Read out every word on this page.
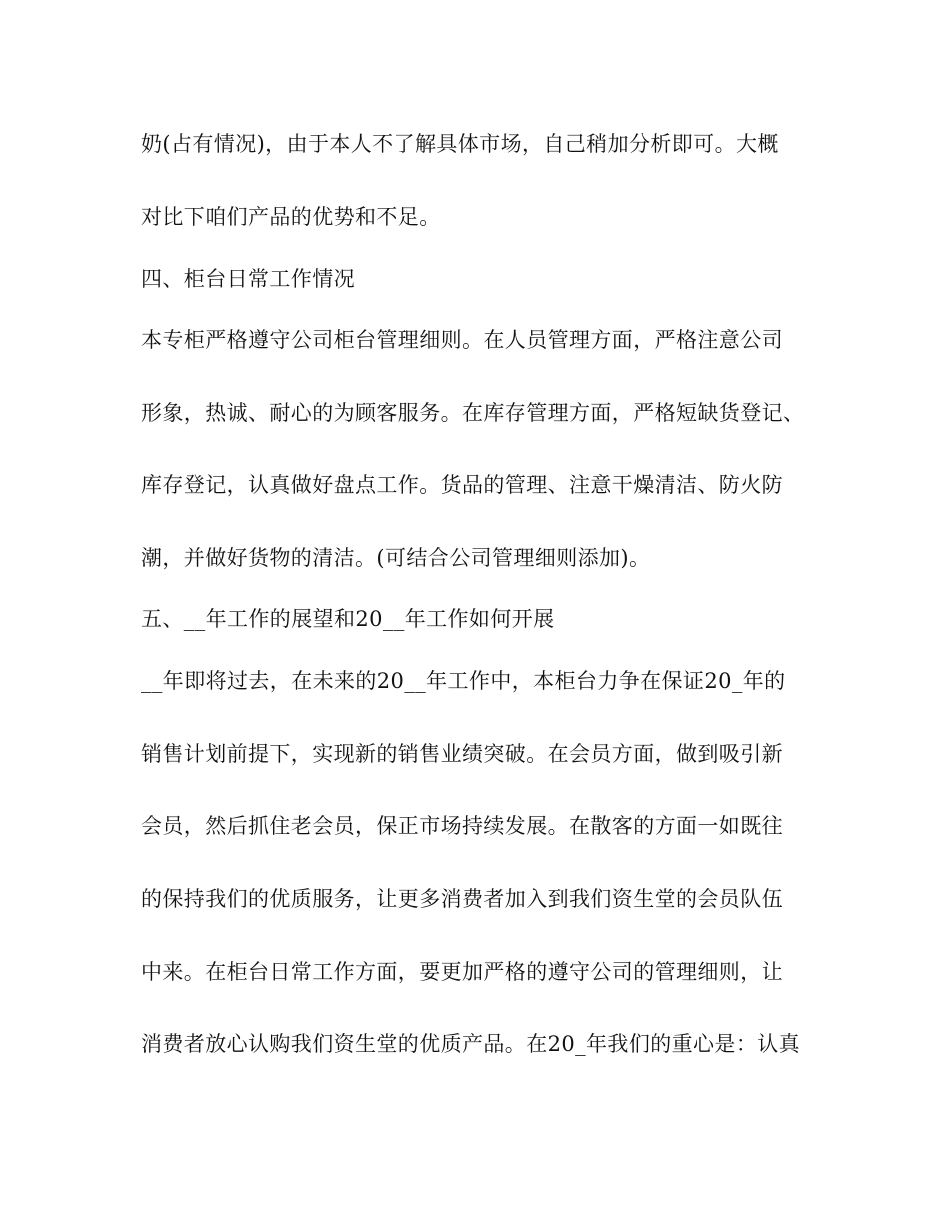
奶(占有情况)，由于本人不了解具体市场，自己稍加分析即可。大概
对比下咱们产品的优势和不足。
四、柜台日常工作情况
本专柜严格遵守公司柜台管理细则。在人员管理方面，严格注意公司
形象，热诚、耐心的为顾客服务。在库存管理方面，严格短缺货登记、
库存登记，认真做好盘点工作。货品的管理、注意干燥清洁、防火防
潮，并做好货物的清洁。(可结合公司管理细则添加)。
五、__年工作的展望和20__年工作如何开展
__年即将过去，在未来的20__年工作中，本柜台力争在保证20_年的
销售计划前提下，实现新的销售业绩突破。在会员方面，做到吸引新
会员，然后抓住老会员，保正市场持续发展。在散客的方面一如既往
的保持我们的优质服务，让更多消费者加入到我们资生堂的会员队伍
中来。在柜台日常工作方面，要更加严格的遵守公司的管理细则，让
消费者放心认购我们资生堂的优质产品。在20_年我们的重心是：认真
